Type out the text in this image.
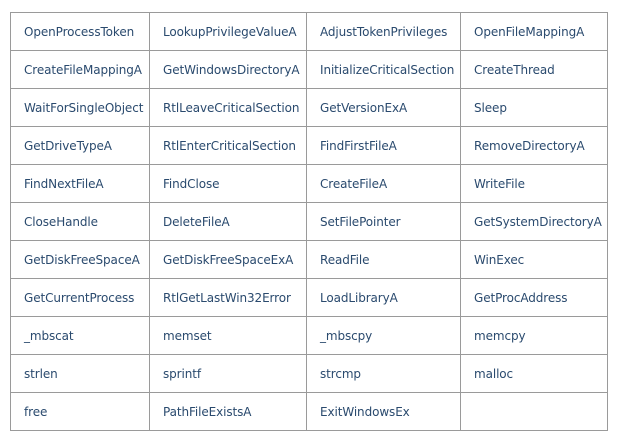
OpenProcessToken	LookupPrivilegeValueA	AdjustTokenPrivileges	OpenFileMappingA
CreateFileMappingA	GetWindowsDirectoryA	InitializeCriticalSection	CreateThread
WaitForSingleObject	RtlLeaveCriticalSection	GetVersionExA	Sleep
GetDriveTypeA	RtlEnterCriticalSection	FindFirstFileA	RemoveDirectoryA
FindNextFileA	FindClose	CreateFileA	WriteFile
CloseHandle	DeleteFileA	SetFilePointer	GetSystemDirectoryA
GetDiskFreeSpaceA	GetDiskFreeSpaceExA	ReadFile	WinExec
GetCurrentProcess	RtlGetLastWin32Error	LoadLibraryA	GetProcAddress
_mbscat	memset	_mbscpy	memcpy
strlen	sprintf	strcmp	malloc
free	PathFileExistsA	ExitWindowsEx	
